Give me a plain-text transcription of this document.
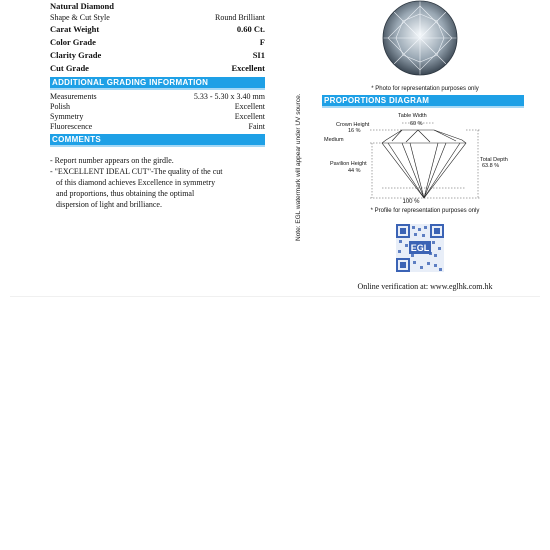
Natural Diamond
Shape & Cut Style	Round Brilliant
Carat Weight	0.60 Ct.
Color Grade	F
Clarity Grade	SI1
Cut Grade	Excellent
ADDITIONAL GRADING INFORMATION
Measurements	5.33 - 5.30 x 3.40 mm
Polish	Excellent
Symmetry	Excellent
Fluorescence	Faint
COMMENTS

- Report number appears on the girdle.

- "EXCELLENT IDEAL CUT"-The quality of the cut

of this diamond achieves Excellence in symmetry

and proportions, thus obtaining the optimal

dispersion of light and brilliance.	Note: EGL watermark will appear under UV source.
* Photo for representation purposes only
PROPORTIONS DIAGRAM
Table Width
60 %
Crown Height
16 %
Medium
Pavilion Height
44 %
Total Depth
63.8 %
100 %
* Profile for representation purposes only
EGL
Online verification at: www.eglhk.com.hk
